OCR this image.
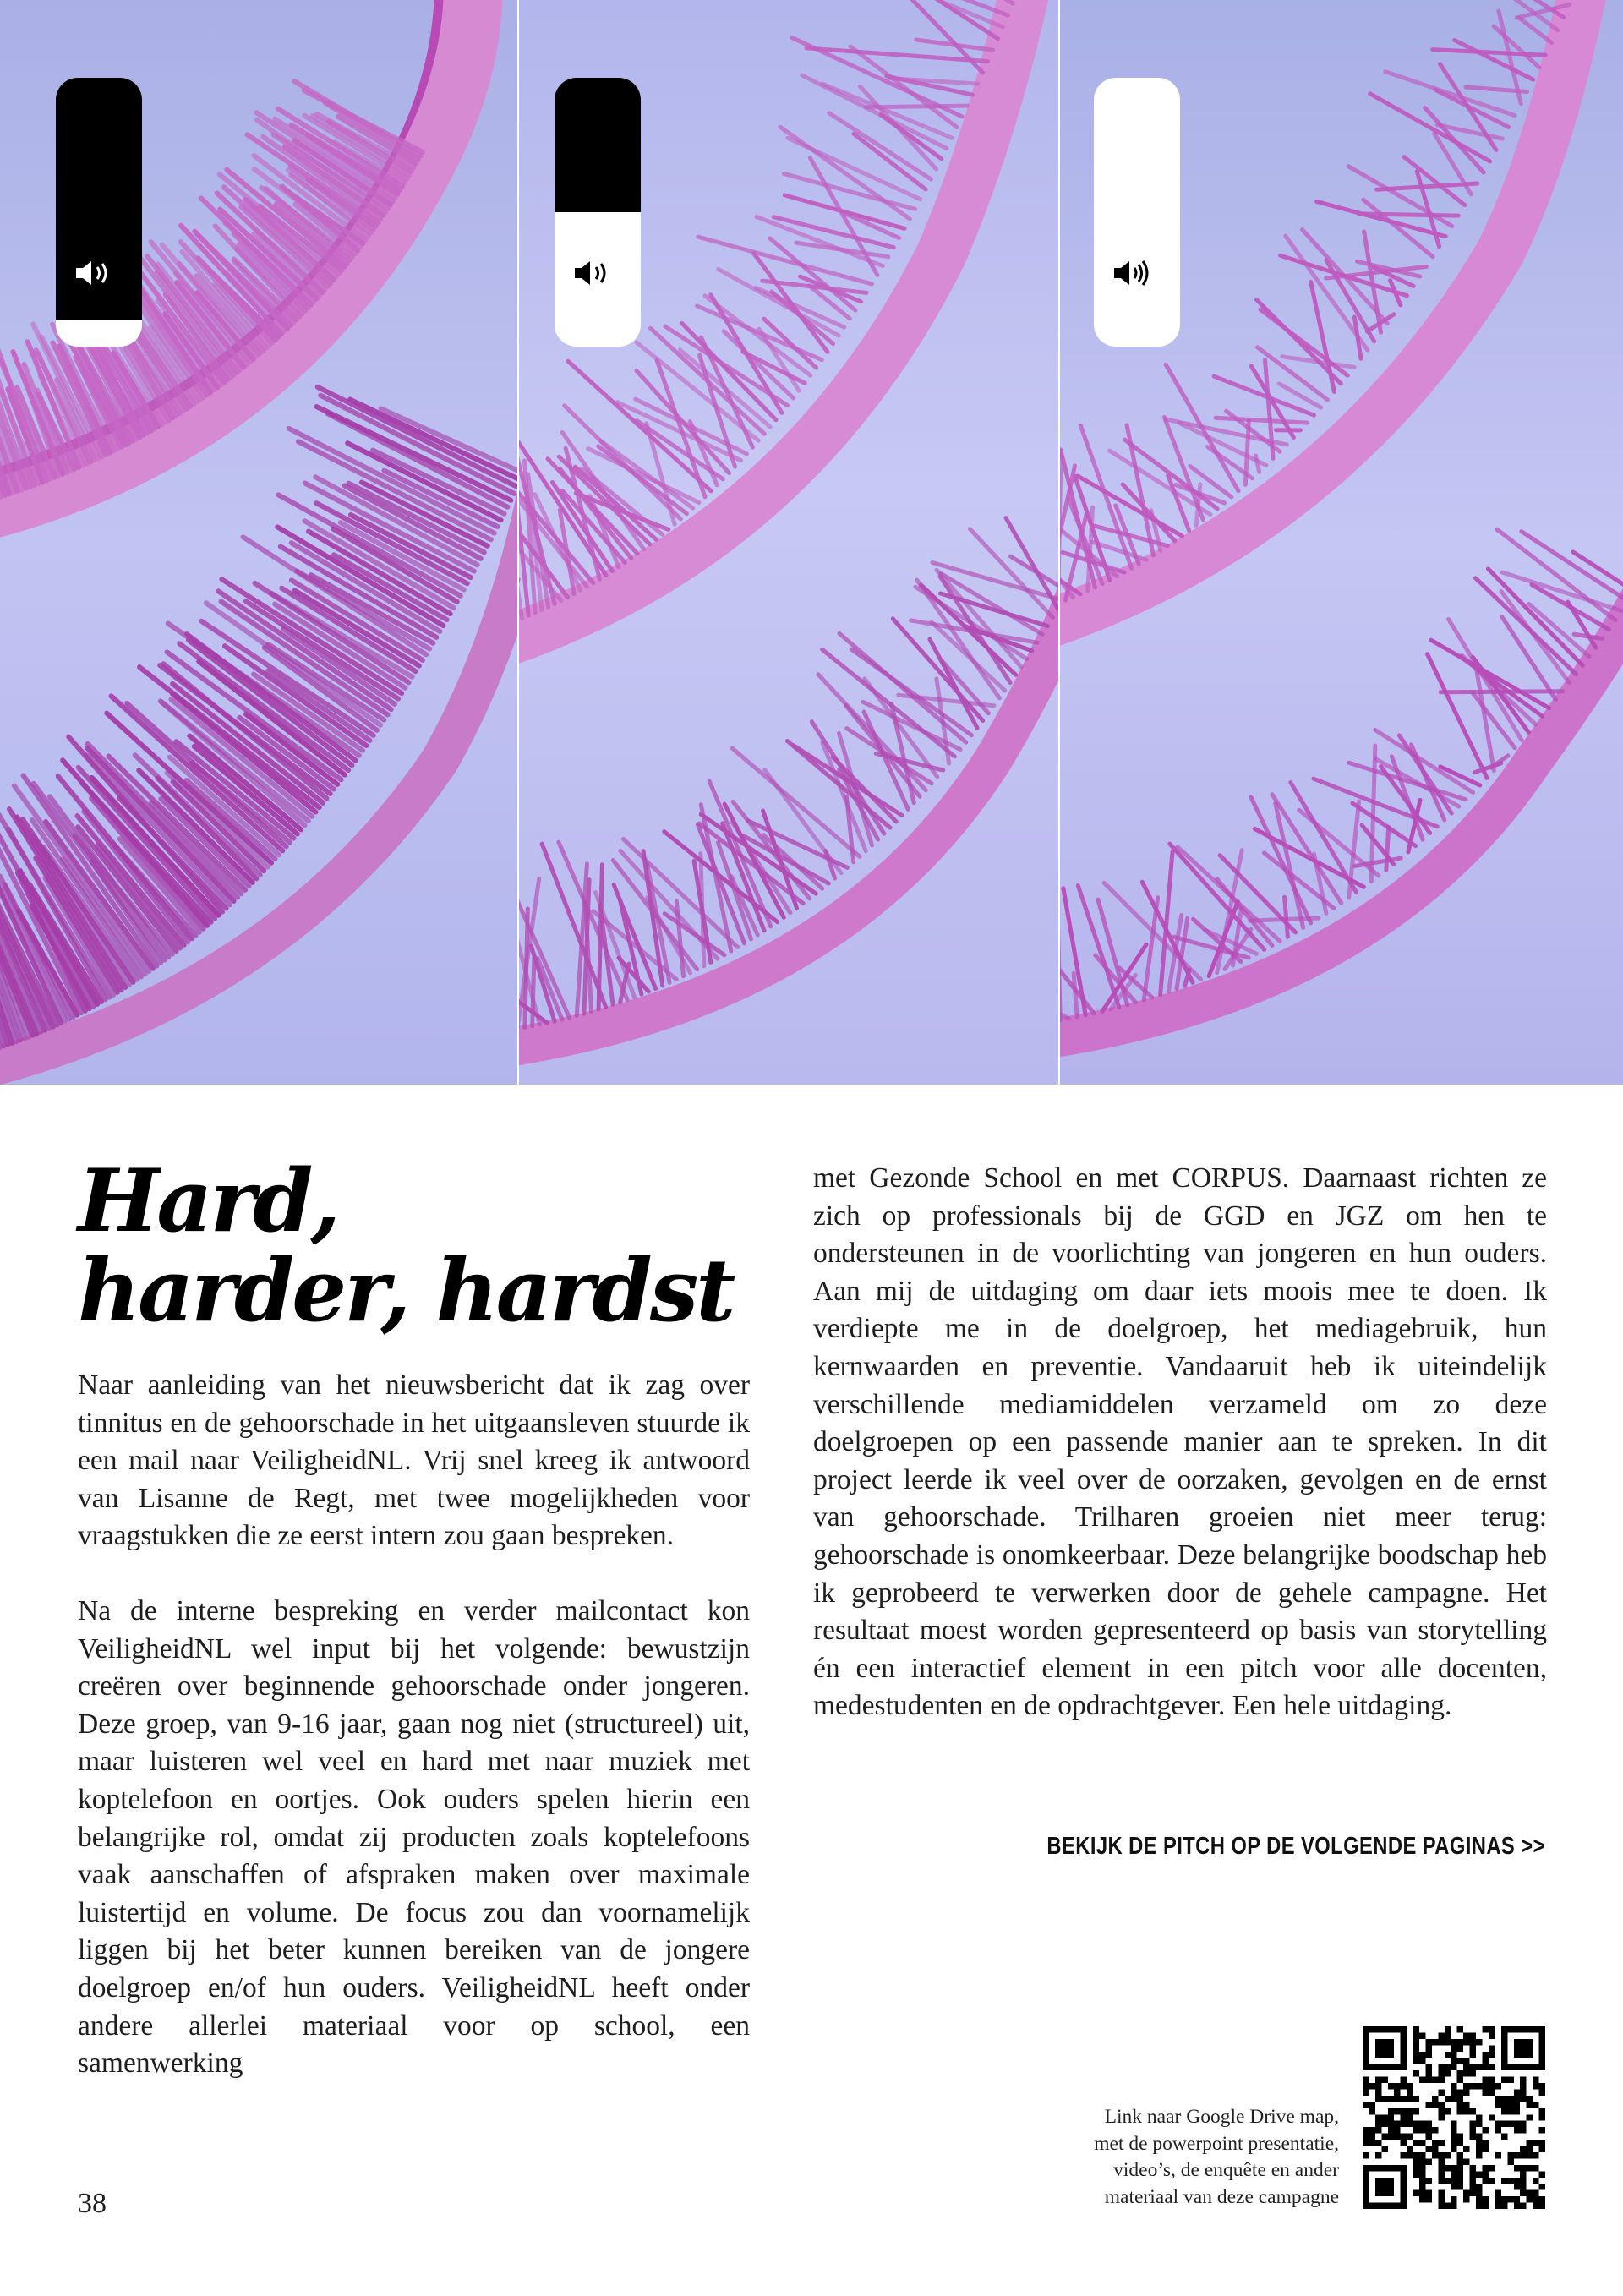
Hard,
harder, hardst

Naar aanleiding van het nieuwsbericht dat ik zag over tinnitus en de gehoorschade in het uitgaansleven stuurde ik een mail naar VeiligheidNL. Vrij snel kreeg ik antwoord van Lisanne de Regt, met twee mogelijkheden voor vraagstukken die ze eerst intern zou gaan bespreken.

Na de interne bespreking en verder mailcontact kon VeiligheidNL wel input bij het volgende: bewustzijn creëren over beginnende gehoorschade onder jongeren. Deze groep, van 9-16 jaar, gaan nog niet (structureel) uit, maar luisteren wel veel en hard met naar muziek met koptelefoon en oortjes. Ook ouders spelen hierin een belangrijke rol, omdat zij producten zoals koptelefoons vaak aanschaffen of afspraken maken over maximale luistertijd en volume. De focus zou dan voornamelijk liggen bij het beter kunnen bereiken van de jongere doelgroep en/of hun ouders. VeiligheidNL heeft onder andere allerlei materiaal voor op school, een samenwerking

met Gezonde School en met CORPUS. Daarnaast richten ze zich op professionals bij de GGD en JGZ om hen te ondersteunen in de voorlichting van jongeren en hun ouders. Aan mij de uitdaging om daar iets moois mee te doen. Ik verdiepte me in de doelgroep, het mediagebruik, hun kernwaarden en preventie. Vandaaruit heb ik uiteindelijk verschillende mediamiddelen verzameld om zo deze doelgroepen op een passende manier aan te spreken. In dit project leerde ik veel over de oorzaken, gevolgen en de ernst van gehoorschade. Trilharen groeien niet meer terug: gehoorschade is onomkeerbaar. Deze belangrijke boodschap heb ik geprobeerd te verwerken door de gehele campagne. Het resultaat moest worden gepresenteerd op basis van storytelling én een interactief element in een pitch voor alle docenten, medestudenten en de opdrachtgever. Een hele uitdaging.

BEKIJK DE PITCH OP DE VOLGENDE PAGINAS >>

Link naar Google Drive map,
met de powerpoint presentatie,
video’s, de enquête en ander
materiaal van deze campagne

38
